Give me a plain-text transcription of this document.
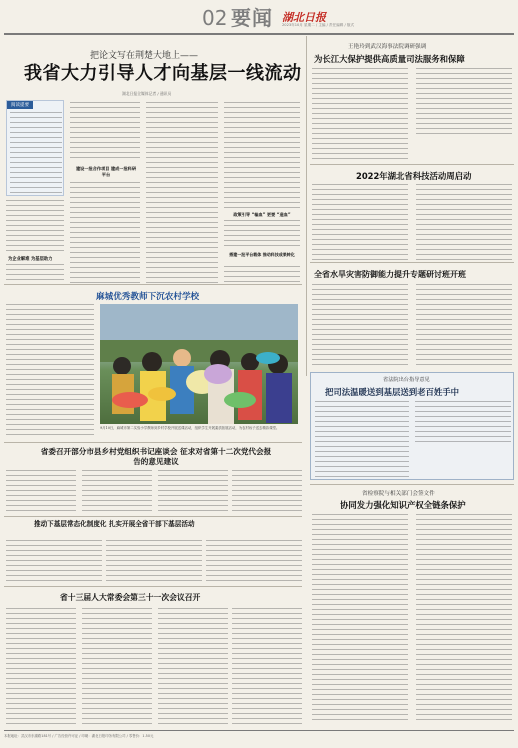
02 要闻 湖北日报
2023年10月 星期二 / 主编 / 责任编辑 / 版式
把论文写在荆楚大地上——
我省大力引导人才向基层一线流动
湖北日报全媒体记者 / 通讯员
阅读提要
为企业解难 为基层助力
建设一批合作项目 建成一批科研平台
政策引导 “输血” 更要 “造血”
搭建一批平台载体 推动科技成果转化
王艳玲到武汉海事法院调研强调
为长江大保护提供高质量司法服务和保障
2022年湖北省科技活动周启动
全省水旱灾害防御能力提升专题研讨班开班
麻城优秀教师下沉农村学校
9月10日，麻城市第二实验小学教师到乡村学校开展送课活动，组织学生开展素质拓展活动，为农村孩子送去精彩课堂。
省法院出台指导意见
把司法温暖送到基层送到老百姓手中
省委召开部分市县乡村党组织书记座谈会 征求对省第十二次党代会报告的意见建议
省检察院与相关部门会签文件
协同发力强化知识产权全链条保护
推动下基层常态化制度化 扎实开展全省干部下基层活动
省十三届人大常委会第三十一次会议召开
本报地址：武汉市东湖路181号 / 广告经营许可证 / 印刷：湖北日报印务有限公司 / 零售价：1.50元
